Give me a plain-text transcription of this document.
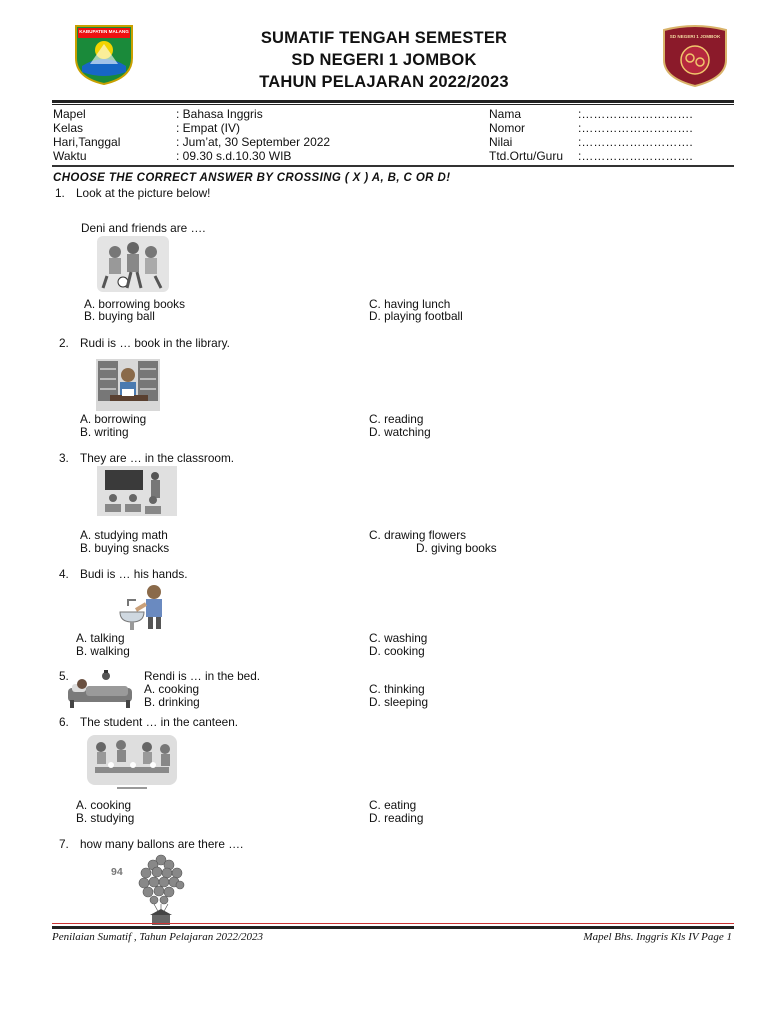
KABUPATEN MALANG
SD NEGERI 1 JOMBOK
SUMATIF TENGAH SEMESTER
SD NEGERI 1 JOMBOK
TAHUN PELAJARAN 2022/2023
Mapel	: Bahasa Inggris
Kelas	: Empat (IV)
Hari,Tanggal	: Jum’at, 30 September 2022
Waktu	: 09.30 s.d.10.30 WIB
Nama	:……………………….
Nomor	:……………………….
Nilai	:……………………….
Ttd.Ortu/Guru :……………………….
CHOOSE THE CORRECT ANSWER BY CROSSING ( X ) A, B, C OR D!
1. Look at the picture below!
Deni and friends are ….
A. borrowing books
B. buying ball
C. having lunch
D. playing football
2. Rudi is … book in the library.
A. borrowing
B. writing
C. reading
D. watching
3. They are … in the classroom.
A. studying math
B. buying snacks
C. drawing flowers
D. giving books
4. Budi is … his hands.
A. talking
B. walking
C. washing
D. cooking
5.	Rendi is … in the bed.
A. cooking
B. drinking
C. thinking
D. sleeping
6. The student … in the canteen.
A. cooking
B. studying
C. eating
D. reading
7. how many ballons are there ….
94
Penilaian Sumatif , Tahun Pelajaran 2022/2023	Mapel Bhs. Inggris Kls IV Page 1
